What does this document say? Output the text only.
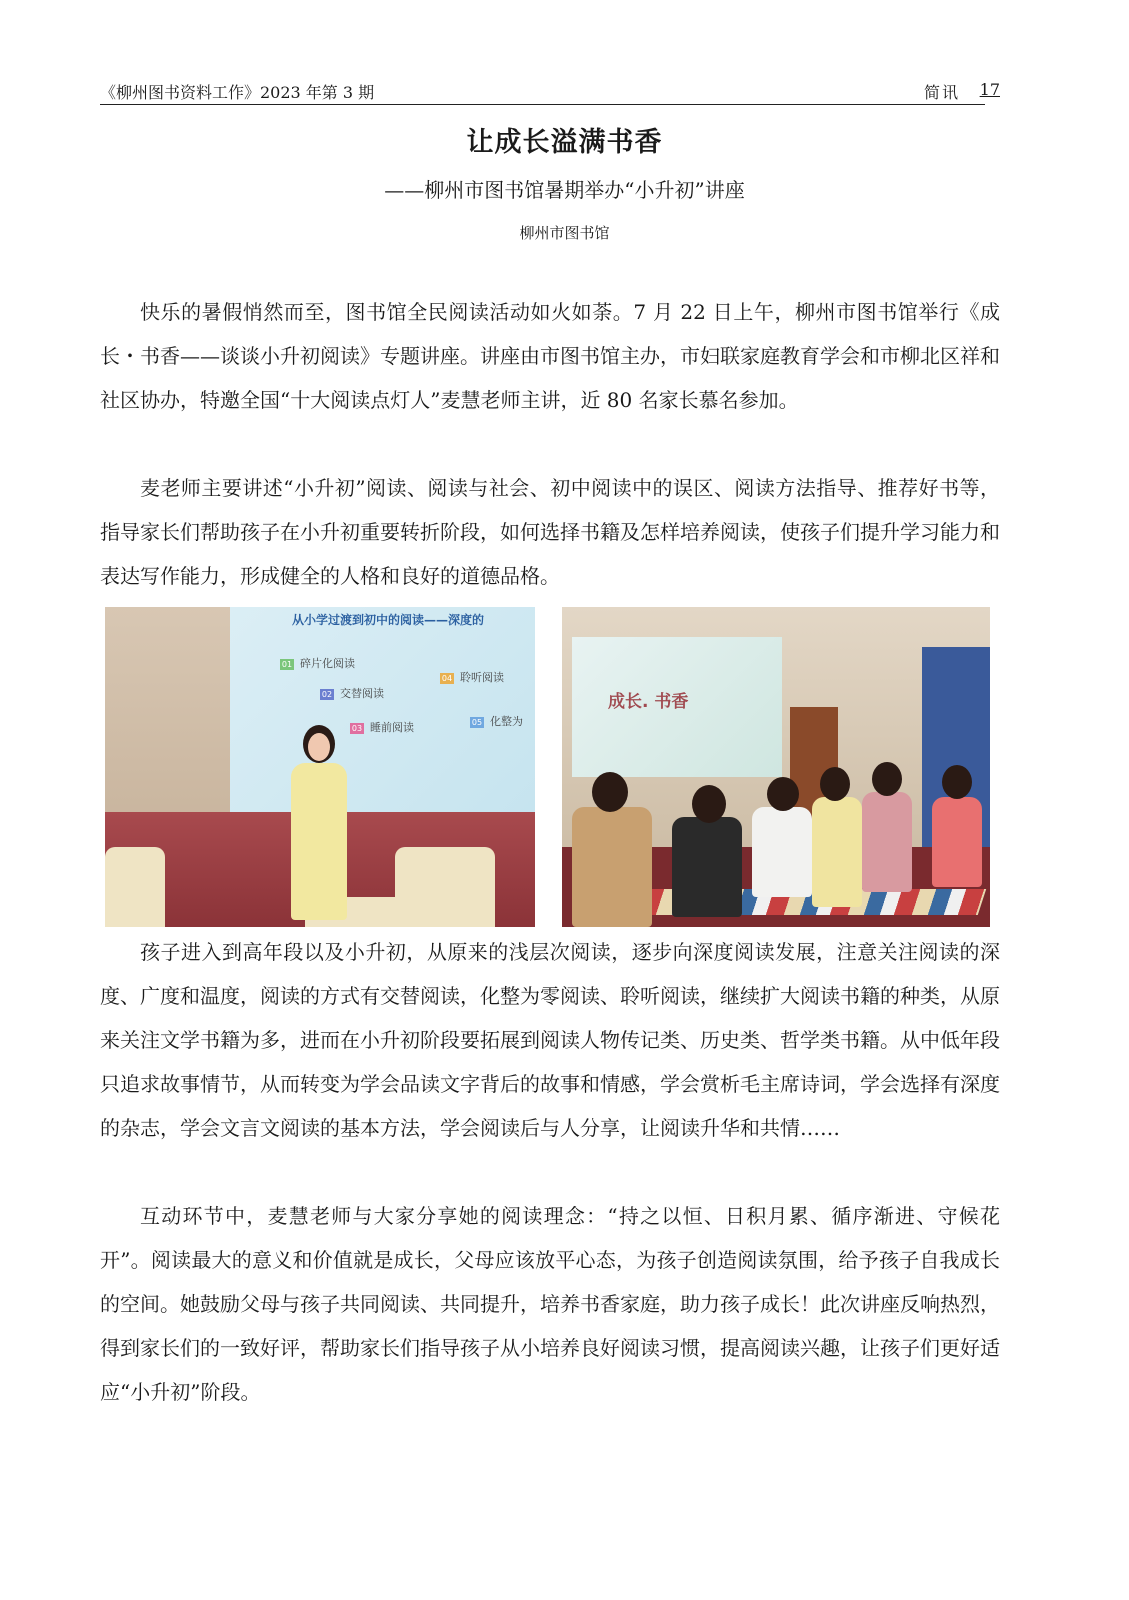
《柳州图书资料工作》2023 年第 3 期	简讯 17
让成长溢满书香
——柳州市图书馆暑期举办“小升初”讲座
柳州市图书馆

快乐的暑假悄然而至，图书馆全民阅读活动如火如荼。7 月 22 日上午，柳州市图书馆举行《成长・书香——谈谈小升初阅读》专题讲座。讲座由市图书馆主办，市妇联家庭教育学会和市柳北区祥和社区协办，特邀全国“十大阅读点灯人”麦慧老师主讲，近 80 名家长慕名参加。

麦老师主要讲述“小升初”阅读、阅读与社会、初中阅读中的误区、阅读方法指导、推荐好书等，指导家长们帮助孩子在小升初重要转折阶段，如何选择书籍及怎样培养阅读，使孩子们提升学习能力和表达写作能力，形成健全的人格和良好的道德品格。

从小学过渡到初中的阅读——深度的
01 碎片化阅读
02 交替阅读
03 睡前阅读
04 聆听阅读
05 化整为
成长. 书香

孩子进入到高年段以及小升初，从原来的浅层次阅读，逐步向深度阅读发展，注意关注阅读的深度、广度和温度，阅读的方式有交替阅读，化整为零阅读、聆听阅读，继续扩大阅读书籍的种类，从原来关注文学书籍为多，进而在小升初阶段要拓展到阅读人物传记类、历史类、哲学类书籍。从中低年段只追求故事情节，从而转变为学会品读文字背后的故事和情感，学会赏析毛主席诗词，学会选择有深度的杂志，学会文言文阅读的基本方法，学会阅读后与人分享，让阅读升华和共情……

互动环节中，麦慧老师与大家分享她的阅读理念：“持之以恒、日积月累、循序渐进、守候花开”。阅读最大的意义和价值就是成长，父母应该放平心态，为孩子创造阅读氛围，给予孩子自我成长的空间。她鼓励父母与孩子共同阅读、共同提升，培养书香家庭，助力孩子成长！此次讲座反响热烈，得到家长们的一致好评，帮助家长们指导孩子从小培养良好阅读习惯，提高阅读兴趣，让孩子们更好适应“小升初”阶段。
